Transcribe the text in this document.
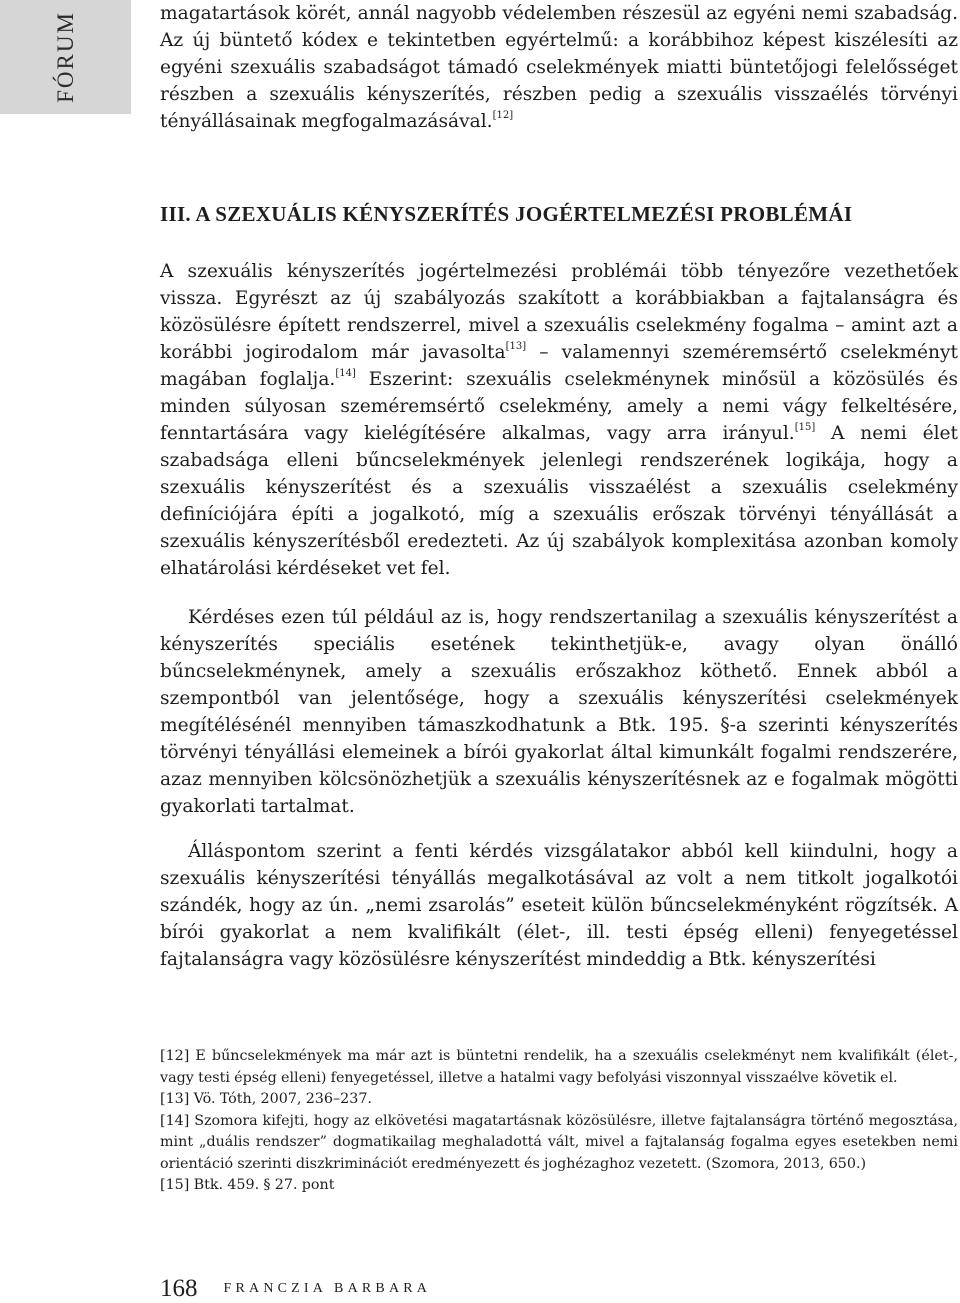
FÓRUM	magatartások körét, annál nagyobb védelemben részesül az egyéni nemi szabadság. Az új büntető kódex e tekintetben egyértelmű: a korábbihoz képest kiszélesíti az egyéni szexuális szabadságot támadó cselekmények miatti büntetőjogi felelősséget részben a szexuális kényszerítés, részben pedig a szexuális visszaélés törvényi tényállásainak megfogalmazásával.[12]

III. A SZEXUÁLIS KÉNYSZERÍTÉS JOGÉRTELMEZÉSI PROBLÉMÁI

A szexuális kényszerítés jogértelmezési problémái több tényezőre vezethetőek vissza. Egyrészt az új szabályozás szakított a korábbiakban a fajtalanságra és közösülésre épített rendszerrel, mivel a szexuális cselekmény fogalma – amint azt a korábbi jogirodalom már javasolta[13] – valamennyi szeméremsértő cselekményt magában foglalja.[14] Eszerint: szexuális cselekménynek minősül a közösülés és minden súlyosan szeméremsértő cselekmény, amely a nemi vágy felkeltésére, fenntartására vagy kielégítésére alkalmas, vagy arra irányul.[15] A nemi élet szabadsága elleni bűncselekmények jelenlegi rendszerének logikája, hogy a szexuális kényszerítést és a szexuális visszaélést a szexuális cselekmény definíciójára építi a jogalkotó, míg a szexuális erőszak törvényi tényállását a szexuális kényszerítésből eredezteti. Az új szabályok komplexitása azonban komoly elhatárolási kérdéseket vet fel.

Kérdéses ezen túl például az is, hogy rendszertanilag a szexuális kényszerítést a kényszerítés speciális esetének tekinthetjük-e, avagy olyan önálló bűncselekménynek, amely a szexuális erőszakhoz köthető. Ennek abból a szempontból van jelentősége, hogy a szexuális kényszerítési cselekmények megítélésénél mennyiben támaszkodhatunk a Btk. 195. §-a szerinti kényszerítés törvényi tényállási elemeinek a bírói gyakorlat által kimunkált fogalmi rendszerére, azaz mennyiben kölcsönözhetjük a szexuális kényszerítésnek az e fogalmak mögötti gyakorlati tartalmat.

Álláspontom szerint a fenti kérdés vizsgálatakor abból kell kiindulni, hogy a szexuális kényszerítési tényállás megalkotásával az volt a nem titkolt jogalkotói szándék, hogy az ún. „nemi zsarolás” eseteit külön bűncselekményként rögzítsék. A bírói gyakorlat a nem kvalifikált (élet-, ill. testi épség elleni) fenyegetéssel fajtalanságra vagy közösülésre kényszerítést mindeddig a Btk. kényszerítési

[12] E bűncselekmények ma már azt is büntetni rendelik, ha a szexuális cselekményt nem kvalifikált (élet-, vagy testi épség elleni) fenyegetéssel, illetve a hatalmi vagy befolyási viszonnyal visszaélve követik el.

[13] Vö. Tóth, 2007, 236–237.

[14] Szomora kifejti, hogy az elkövetési magatartásnak közösülésre, illetve fajtalanságra történő megosztása, mint „duális rendszer” dogmatikailag meghaladottá vált, mivel a fajtalanság fogalma egyes esetekben nemi orientáció szerinti diszkriminációt eredményezett és joghézaghoz vezetett. (Szomora, 2013, 650.)

[15] Btk. 459. § 27. pont

168 FRANCZIA BARBARA
